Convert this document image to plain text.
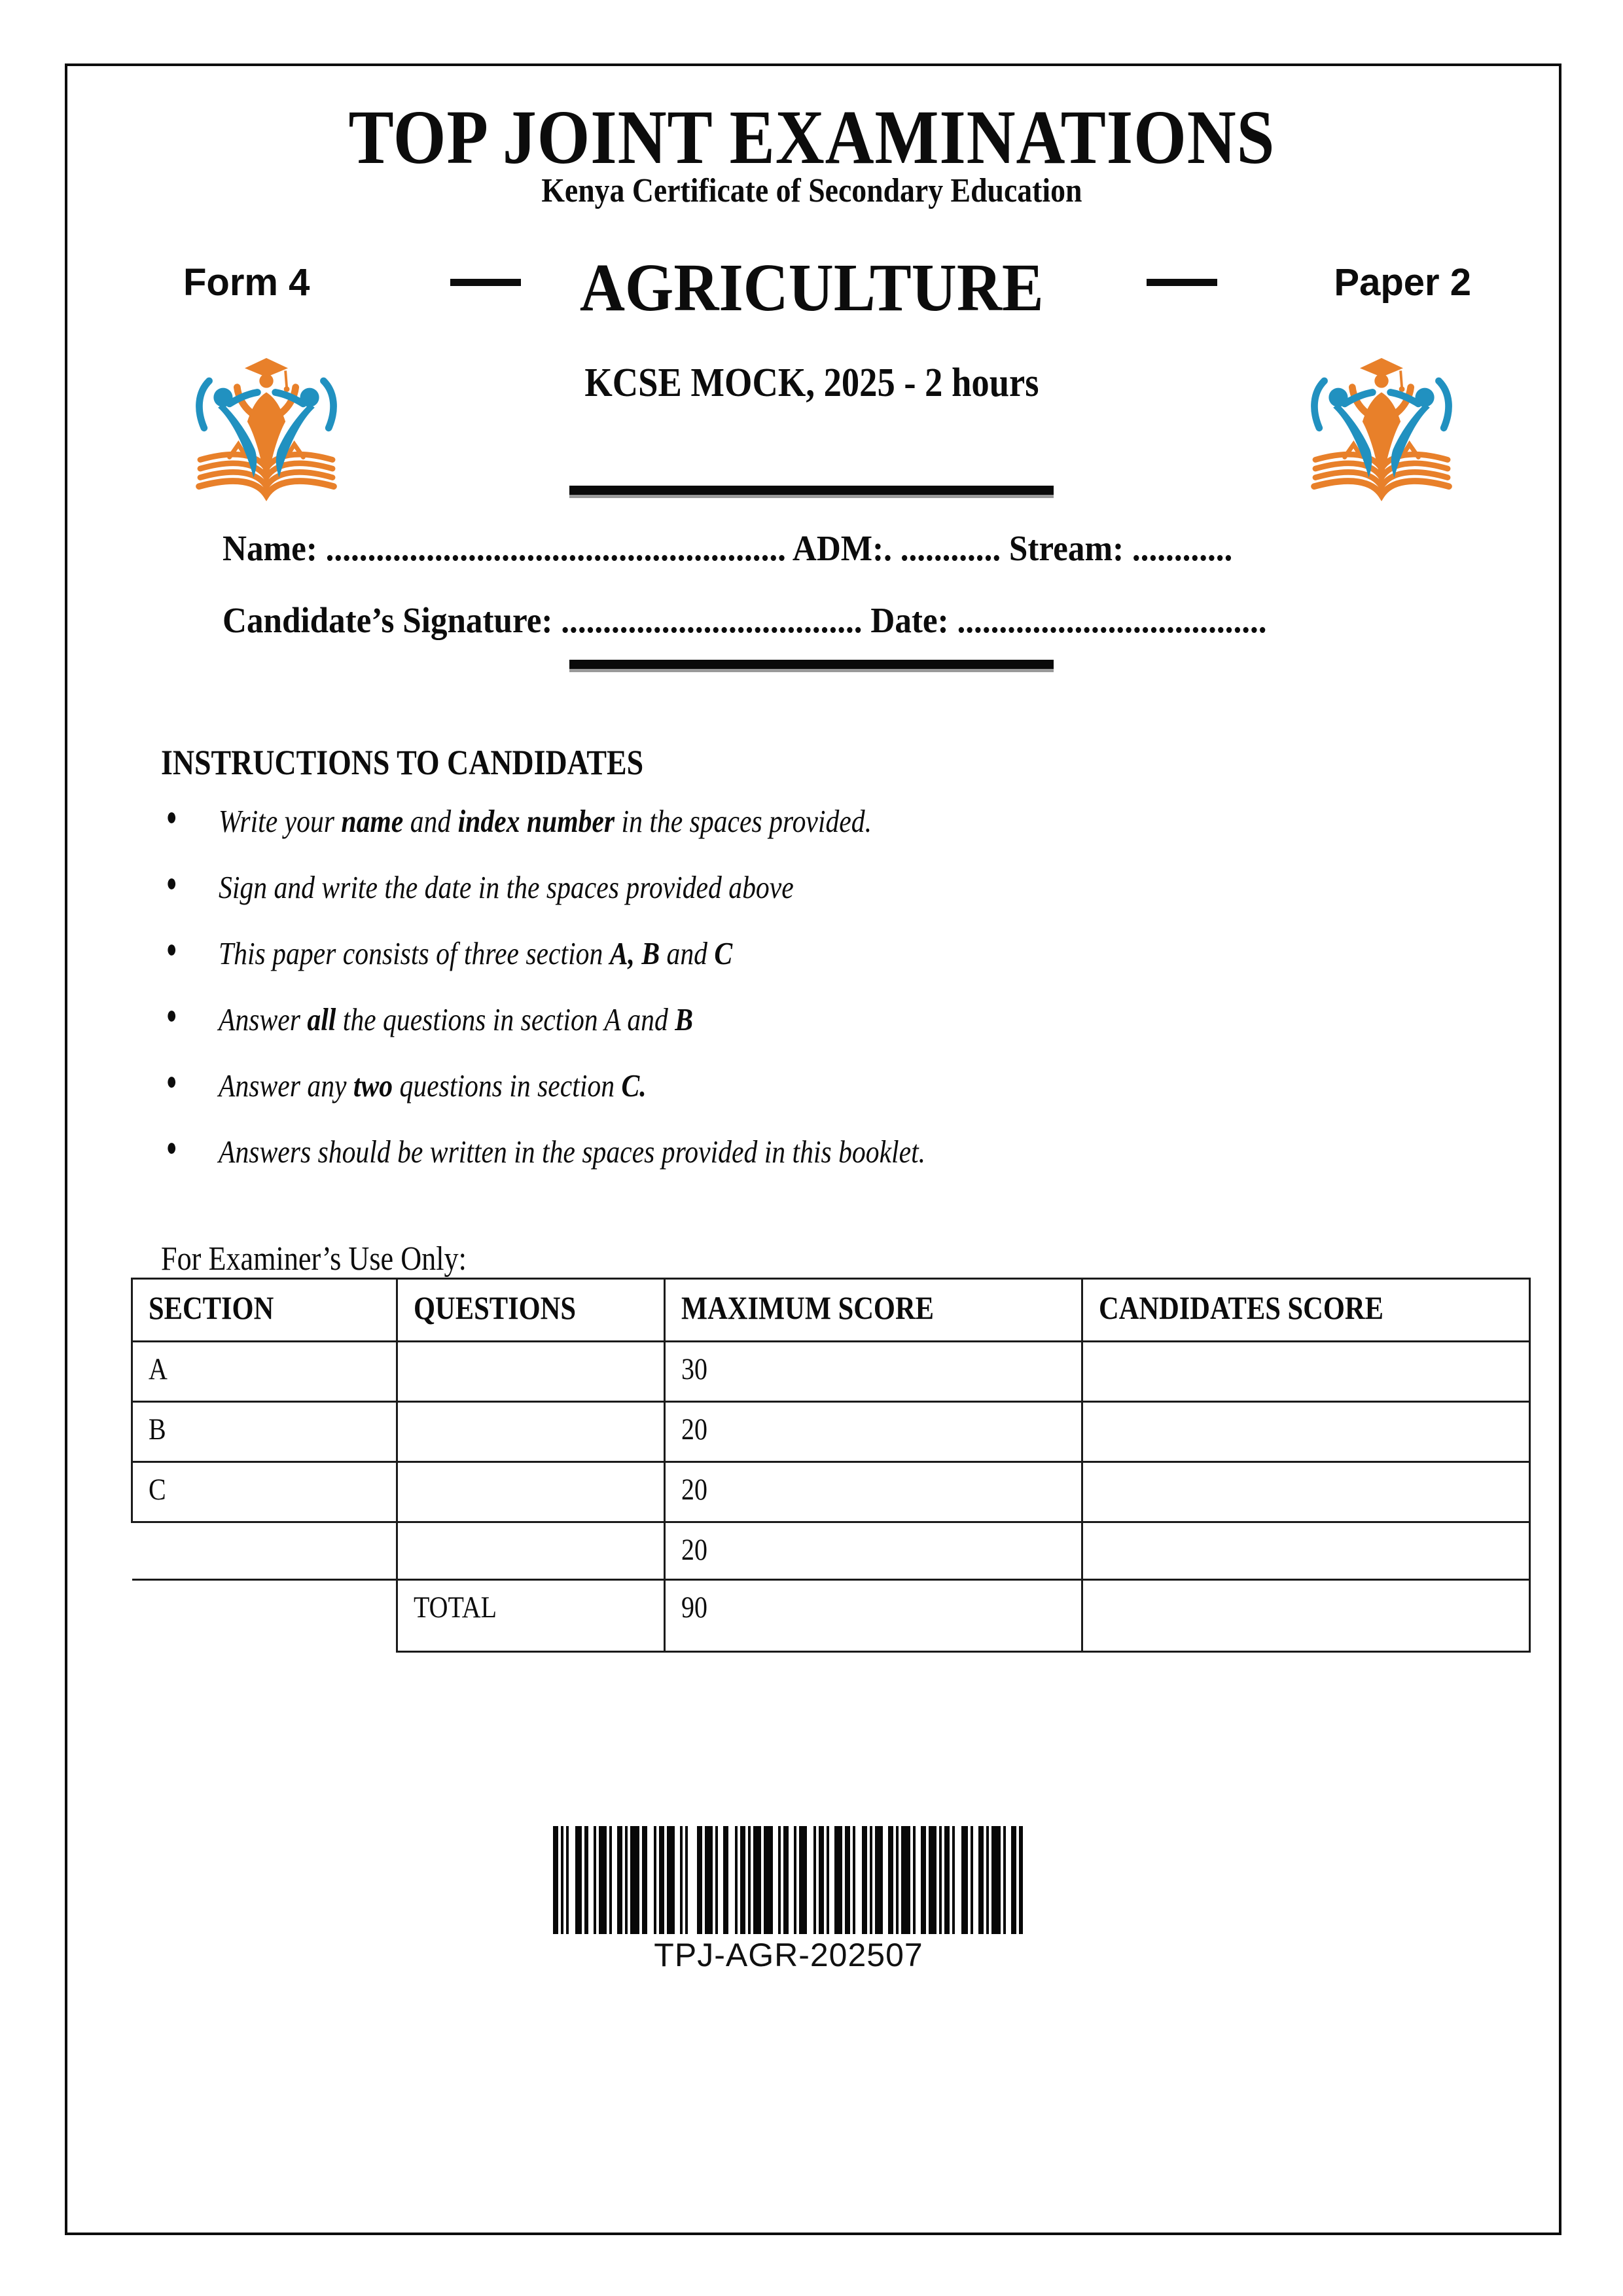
TOP JOINT EXAMINATIONS
Kenya Certificate of Secondary Education
Form 4	AGRICULTURE	Paper 2
KCSE MOCK, 2025 - 2 hours
Name: ....................................................... ADM:. ............ Stream: ............
Candidate’s Signature: .................................... Date: .....................................
INSTRUCTIONS TO CANDIDATES
● Write your name and index number in the spaces provided.
● Sign and write the date in the spaces provided above
● This paper consists of three section A, B and C
● Answer all the questions in section A and B
● Answer any two questions in section C.
● Answers should be written in the spaces provided in this booklet.
For Examiner’s Use Only:
SECTION	QUESTIONS	MAXIMUM SCORE	CANDIDATES SCORE
A		30	
B		20	
C		20	
		20	
	TOTAL	90	
TPJ-AGR-202507
